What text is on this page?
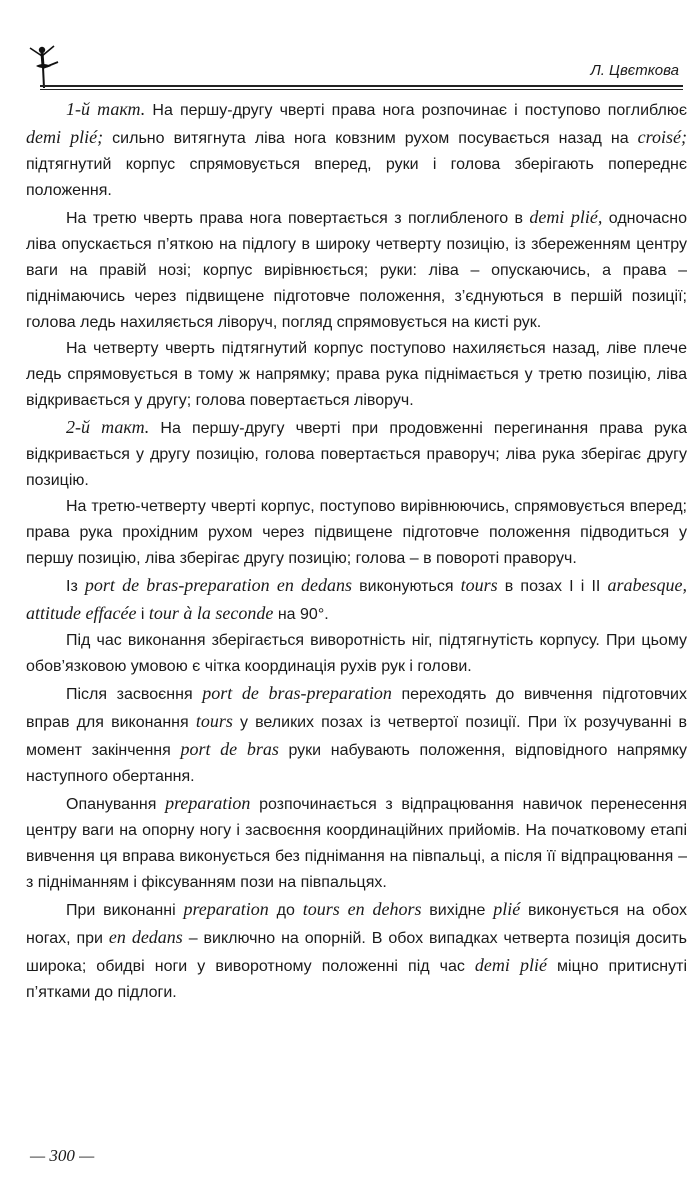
Л. Цвєткова

1-й такт. На першу-другу чверті права нога розпочинає і поступово поглиблює demi plié; сильно витягнута ліва нога ковзним рухом посувається назад на croisé; підтягнутий корпус спрямовується вперед, руки і голова зберігають попереднє положення.

На третю чверть права нога повертається з поглибленого в demi plié, одночасно ліва опускається п’яткою на підлогу в широку четверту позицію, із збереженням центру ваги на правій нозі; корпус вирівнюється; руки: ліва – опускаючись, а права – піднімаючись через підвищене підготовче положення, з’єднуються в першій позиції; голова ледь нахиляється ліворуч, погляд спрямовується на кисті рук.

На четверту чверть підтягнутий корпус поступово нахиляється назад, ліве плече ледь спрямовується в тому ж напрямку; права рука піднімається у третю позицію, ліва відкривається у другу; голова повертається ліворуч.

2-й такт. На першу-другу чверті при продовженні перегинання права рука відкривається у другу позицію, голова повертається праворуч; ліва рука зберігає другу позицію.

На третю-четверту чверті корпус, поступово вирівнюючись, спрямовується вперед; права рука прохідним рухом через підвищене підготовче положення підводиться у першу позицію, ліва зберігає другу позицію; голова – в повороті праворуч.

Із port de bras-preparation en dedans виконуються tours в позах I і II arabesque, attitude effacée і tour à la seconde на 90°.

Під час виконання зберігається виворотність ніг, підтягнутість корпусу. При цьому обов’язковою умовою є чітка координація рухів рук і голови.

Після засвоєння port de bras-preparation переходять до вивчення підготовчих вправ для виконання tours у великих позах із четвертої позиції. При їх розучуванні в момент закінчення port de bras руки набувають положення, відповідного напрямку наступного обертання.

Опанування preparation розпочинається з відпрацювання навичок перенесення центру ваги на опорну ногу і засвоєння координаційних прийомів. На початковому етапі вивчення ця вправа виконується без піднімання на півпальці, а після її відпрацювання – з підніманням і фіксуванням пози на півпальцях.

При виконанні preparation до tours en dehors вихідне plié виконується на обох ногах, при en dedans – виключно на опорній. В обох випадках четверта позиція досить широка; обидві ноги у виворотному положенні під час demi plié міцно притиснуті п’ятками до підлоги.

— 300 —
